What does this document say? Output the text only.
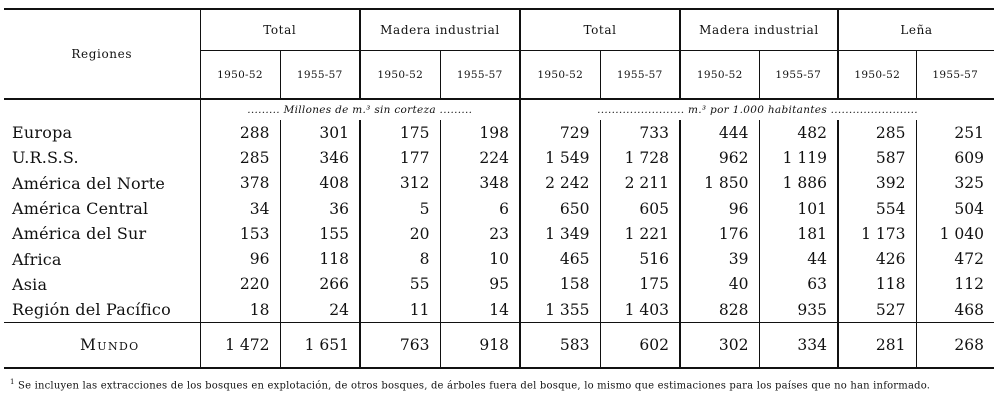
Regiones	Total		Madera industrial		Total		Madera industrial		Leña	
	1950-52	1955-57	1950-52	1955-57	1950-52	1955-57	1950-52	1955-57	1950-52	1955-57
	......... Millones de m.³ sin corteza .........				........................ m.³ por 1.000 habitantes ........................					
Europa	288	301	175	198	729	733	444	482	285	251
U.R.S.S.	285	346	177	224	1 549	1 728	962	1 119	587	609
América del Norte	378	408	312	348	2 242	2 211	1 850	1 886	392	325
América Central	34	36	5	6	650	605	96	101	554	504
América del Sur	153	155	20	23	1 349	1 221	176	181	1 173	1 040
Africa	96	118	8	10	465	516	39	44	426	472
Asia	220	266	55	95	158	175	40	63	118	112
Región del Pacífico	18	24	11	14	1 355	1 403	828	935	527	468
Mundo	1 472	1 651	763	918	583	602	302	334	281	268
$^1$ Se incluyen las extracciones de los bosques en explotación, de otros bosques, de árboles fuera del bosque, lo mismo que estimaciones para los países que no han informado.
